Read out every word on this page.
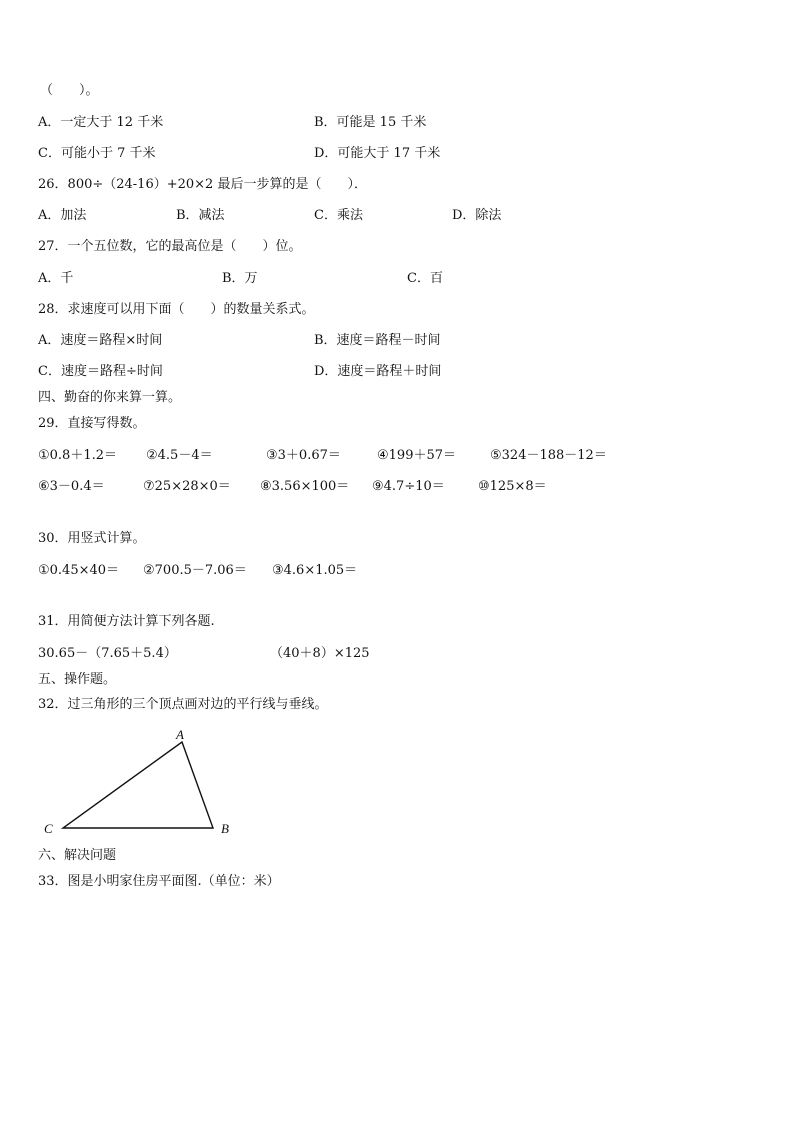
（　　）。
A．一定大于 12 千米	B．可能是 15 千米
C．可能小于 7 千米	D．可能大于 17 千米
26．800÷（24-16）+20×2 最后一步算的是（　　）．
A．加法	B．减法	C．乘法	D．除法
27．一个五位数，它的最高位是（　　）位。
A．千	B．万	C．百
28．求速度可以用下面（　　）的数量关系式。
A．速度＝路程×时间	B．速度＝路程－时间
C．速度＝路程÷时间	D．速度＝路程＋时间
四、勤奋的你来算一算。
29．直接写得数。
①0.8＋1.2＝ ②4.5－4＝	③3＋0.67＝	④199＋57＝	⑤324－188－12＝
⑥3－0.4＝	⑦25×28×0＝ ⑧3.56×100＝ ⑨4.7÷10＝	⑩125×8＝
30．用竖式计算。
①0.45×40＝ ②700.5－7.06＝ ③4.6×1.05＝
31．用简便方法计算下列各题.
30.65－（7.65＋5.4）	（40＋8）×125
五、操作题。
32．过三角形的三个顶点画对边的平行线与垂线。
A
B
C
六、解决问题
33．图是小明家住房平面图.（单位：米）
